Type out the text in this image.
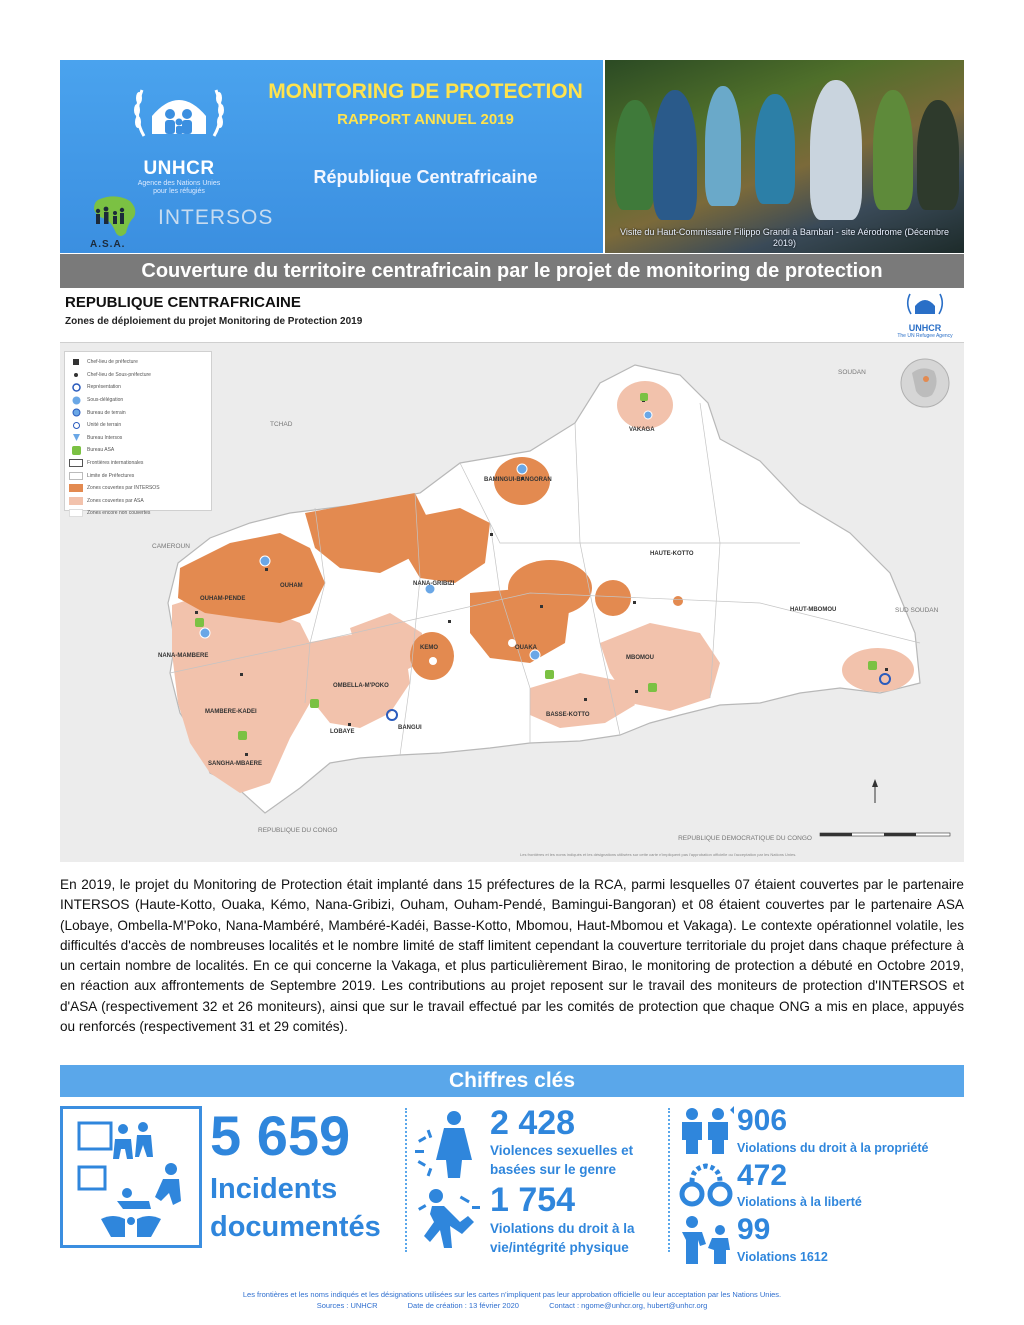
UNHCR
Agence des Nations Unies pour les réfugiés
A.S.A.
INTERSOS
MONITORING DE PROTECTION
RAPPORT ANNUEL 2019
République Centrafricaine
Visite du Haut-Commissaire Filippo Grandi à Bambari - site Aérodrome (Décembre 2019)
Couverture du territoire centrafricain par le projet de monitoring de protection
REPUBLIQUE CENTRAFRICAINE
Zones de déploiement du projet Monitoring de Protection 2019
UNHCR
The UN Refugee Agency
Chef-lieu de préfecture
Chef-lieu de Sous-préfecture
Représentation
Sous-délégation
Bureau de terrain
Unité de terrain
Bureau Intersos
Bureau ASA
Frontières internationales
Limite de Préfectures
Zones couvertes par INTERSOS
Zones couvertes par ASA
Zones encore non couvertes
TCHAD
SOUDAN
SUD SOUDAN
CAMEROUN
REPUBLIQUE DU CONGO
REPUBLIQUE DEMOCRATIQUE DU CONGO
VAKAGA
BAMINGUI-BANGORAN
HAUTE-KOTTO
HAUT-MBOMOU
OUHAM-PENDE
OUHAM	NANA-GRIBIZI
NANA-MAMBERE
KEMO	OUAKA
MBOMOU
BASSE-KOTTO
OMBELLA-M'POKO
MAMBERE-KADEI
LOBAYE
SANGHA-MBAERE
BANGUI
Les frontières et les noms indiqués et les désignations utilisées sur cette carte n'impliquent pas l'approbation officielle ou l'acceptation par les Nations Unies.
En 2019, le projet du Monitoring de Protection était implanté dans 15 préfectures de la RCA, parmi lesquelles 07 étaient couvertes par le partenaire INTERSOS (Haute-Kotto, Ouaka, Kémo, Nana-Gribizi, Ouham, Ouham-Pendé, Bamingui-Bangoran) et 08 étaient couvertes par le partenaire ASA (Lobaye, Ombella-M'Poko, Nana-Mambéré, Mambéré-Kadéi, Basse-Kotto, Mbomou, Haut-Mbomou et Vakaga). Le contexte opérationnel volatile, les difficultés d'accès de nombreuses localités et le nombre limité de staff limitent cependant la couverture territoriale du projet dans chaque préfecture à un certain nombre de localités. En ce qui concerne la Vakaga, et plus particulièrement Birao, le monitoring de protection a débuté en Octobre 2019, en réaction aux affrontements de Septembre 2019. Les contributions au projet reposent sur le travail des moniteurs de protection d'INTERSOS et d'ASA (respectivement 32 et 26 moniteurs), ainsi que sur le travail effectué par les comités de protection que chaque ONG a mis en place, appuyés ou renforcés (respectivement 31 et 29 comités).
Chiffres clés
5 659
Incidents documentés
2 428
Violences sexuelles et basées sur le genre
1 754
Violations du droit à la vie/intégrité physique
906
Violations du droit à la propriété
472
Violations à la liberté
99
Violations 1612
Les frontières et les noms indiqués et les désignations utilisées sur les cartes n'impliquent pas leur approbation officielle ou leur acceptation par les Nations Unies.
Sources : UNHCR	Date de création : 13 février 2020	Contact : ngome@unhcr.org, hubert@unhcr.org
